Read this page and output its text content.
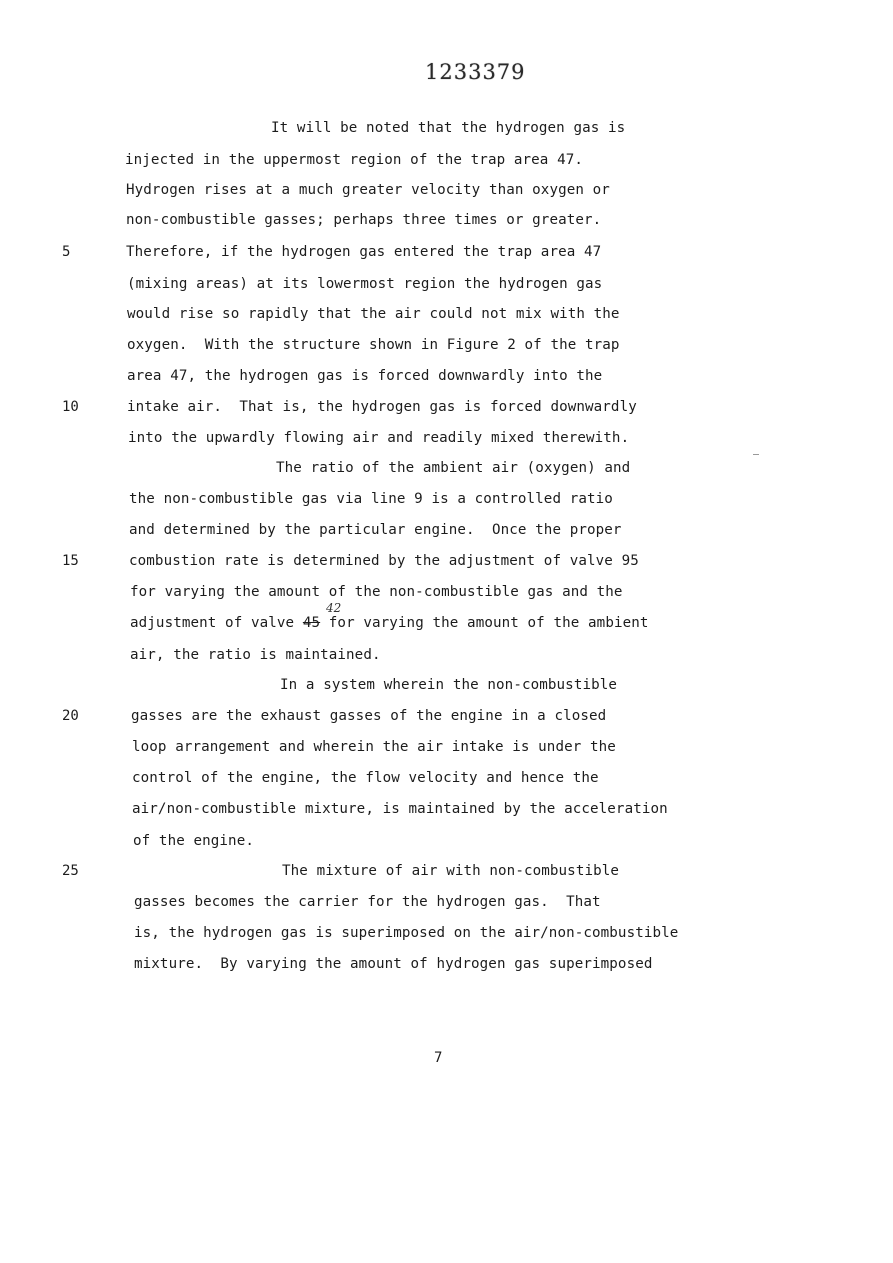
1233379
It will be noted that the hydrogen gas is
injected in the uppermost region of the trap area 47.
Hydrogen rises at a much greater velocity than oxygen or
non-combustible gasses; perhaps three times or greater.
Therefore, if the hydrogen gas entered the trap area 47
(mixing areas) at its lowermost region the hydrogen gas
would rise so rapidly that the air could not mix with the
oxygen.  With the structure shown in Figure 2 of the trap
area 47, the hydrogen gas is forced downwardly into the
intake air.  That is, the hydrogen gas is forced downwardly
into the upwardly flowing air and readily mixed therewith.
The ratio of the ambient air (oxygen) and
the non-combustible gas via line 9 is a controlled ratio
and determined by the particular engine.  Once the proper
combustion rate is determined by the adjustment of valve 95
for varying the amount of the non-combustible gas and the
adjustment of valve 45 for varying the amount of the ambient
42
air, the ratio is maintained.
In a system wherein the non-combustible
gasses are the exhaust gasses of the engine in a closed
loop arrangement and wherein the air intake is under the
control of the engine, the flow velocity and hence the
air/non-combustible mixture, is maintained by the acceleration
of the engine.
The mixture of air with non-combustible
gasses becomes the carrier for the hydrogen gas.  That
is, the hydrogen gas is superimposed on the air/non-combustible
mixture.  By varying the amount of hydrogen gas superimposed
5
10
15
20
25
7
